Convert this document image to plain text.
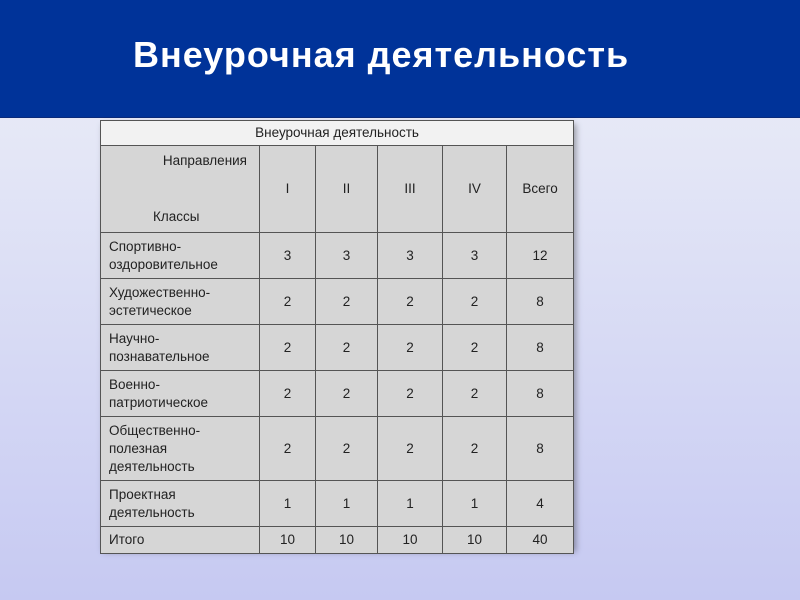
Внеурочная деятельность
Внеурочная деятельность					

Направления
Классы	I	II	III	IV	Всего
Спортивно-
оздоровительное	3	3	3	3	12
Художественно-
эстетическое	2	2	2	2	8
Научно-
познавательное	2	2	2	2	8
Военно-
патриотическое	2	2	2	2	8
Общественно-
полезная
деятельность	2	2	2	2	8
Проектная
деятельность	1	1	1	1	4
Итого	10	10	10	10	40
